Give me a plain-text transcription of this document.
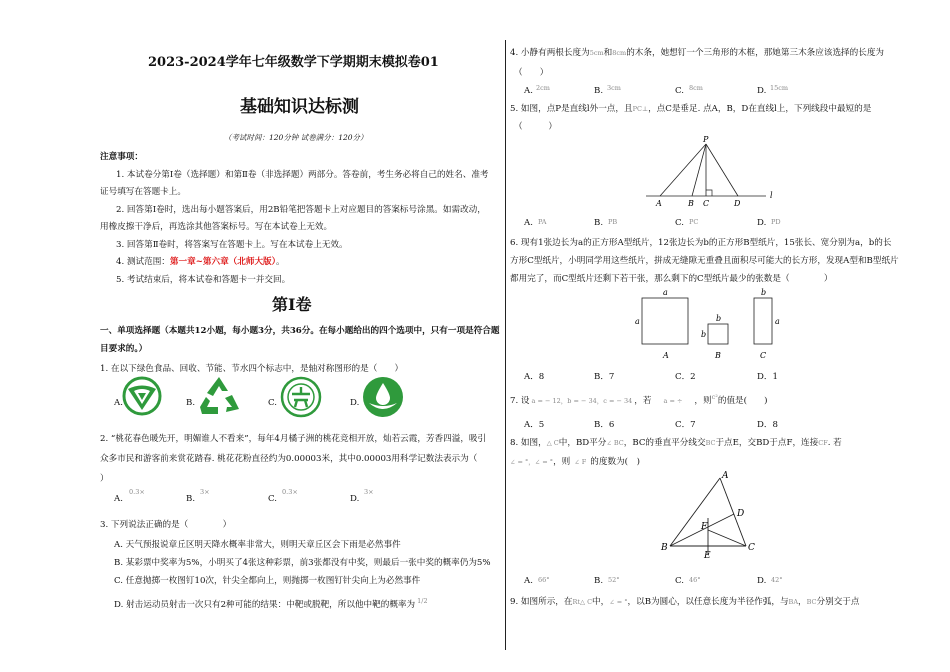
2023-2024学年七年级数学下学期期末模拟卷01
基础知识达标测
（考试时间：120分钟 试卷满分：120分）
注意事项：
1. 本试卷分第Ⅰ卷（选择题）和第Ⅱ卷（非选择题）两部分。答卷前，考生务必将自己的姓名、准考
证号填写在答题卡上。
2. 回答第Ⅰ卷时，选出每小题答案后，用2B铅笔把答题卡上对应题目的答案标号涂黑。如需改动，
用橡皮擦干净后，再选涂其他答案标号。写在本试卷上无效。
3. 回答第Ⅱ卷时，将答案写在答题卡上。写在本试卷上无效。
4. 测试范围：第一章~第六章（北师大版）。
5. 考试结束后，将本试卷和答题卡一并交回。
第Ⅰ卷
一、单项选择题（本题共12小题，每小题3分，共36分。在每小题给出的四个选项中，只有一项是符合题
目要求的。）
1. 在以下绿色食品、回收、节能、节水四个标志中，是轴对称图形的是（　　）
A.	B.	C.	D.
2. “桃花春色暖先开，明媚谁人不看来”，每年4月橘子洲的桃花竞相开放，灿若云霞，芳香四溢，吸引
众多市民和游客前来赏花踏春. 桃花花粉直径约为0.00003米，其中0.00003用科学记数法表示为（
）
A.
0.3×
B.
3×
C.
0.3×
D.
3×
3. 下列说法正确的是（　　　　）
A. 天气预报说章丘区明天降水概率非常大，则明天章丘区会下雨是必然事件
B. 某彩票中奖率为5%，小明买了4张这种彩票，前3张都没有中奖，则最后一张中奖的概率仍为5%
C. 任意抛掷一枚图钉10次，针尖全都向上，则抛掷一枚图钉针尖向上为必然事件
D. 射击运动员射击一次只有2种可能的结果：中靶或脱靶，所以他中靶的概率为 $^{1/2}$
4. 小静有两根长度为5cm和8cm的木条，她想钉一个三角形的木框，那她第三木条应该选择的长度为
（　　）
A. 2cm	B. 3cm	C. 8cm	D. 15cm
5. 如图，点P是直线l外一点，且PC⊥，点C是垂足. 点A，B，D在直线l上，下列线段中最短的是
（　　　）
P
A	B C	D
l
A. PA	B. PB	C. PC	D. PD
6. 现有1张边长为a的正方形A型纸片，12张边长为b的正方形B型纸片，15张长、宽分别为a，b的长
方形C型纸片，小明同学用这些纸片，拼成无缝隙无重叠且面积尽可能大的长方形，发现A型和B型纸片
都用完了，而C型纸片还剩下若干张，那么剩下的C型纸片最少的张数是（　　　　）
a
a	b
b
b
a
A	B	C
A．8	B．7	C．2	D．1
7. 设 a = − 12，b = − 34，c = − 34 ，若 a = ÷ ，则$^{c^2}$的值是(　　)
A．5	B．6	C．7	D．8
8. 如图，△ C中，BD平分∠ BC，BC的垂直平分线交BC于点E，交BD于点F，连接CF. 若
∠ = °，∠ = °，则 ∠ F 的度数为(　)
A
B	C
D
E
F
A. 66°	B. 52°	C. 46°	D. 42°
9. 如图所示，在Rt△ C中，∠ = °，以B为圆心，以任意长度为半径作弧，与BA，BC分别交于点
